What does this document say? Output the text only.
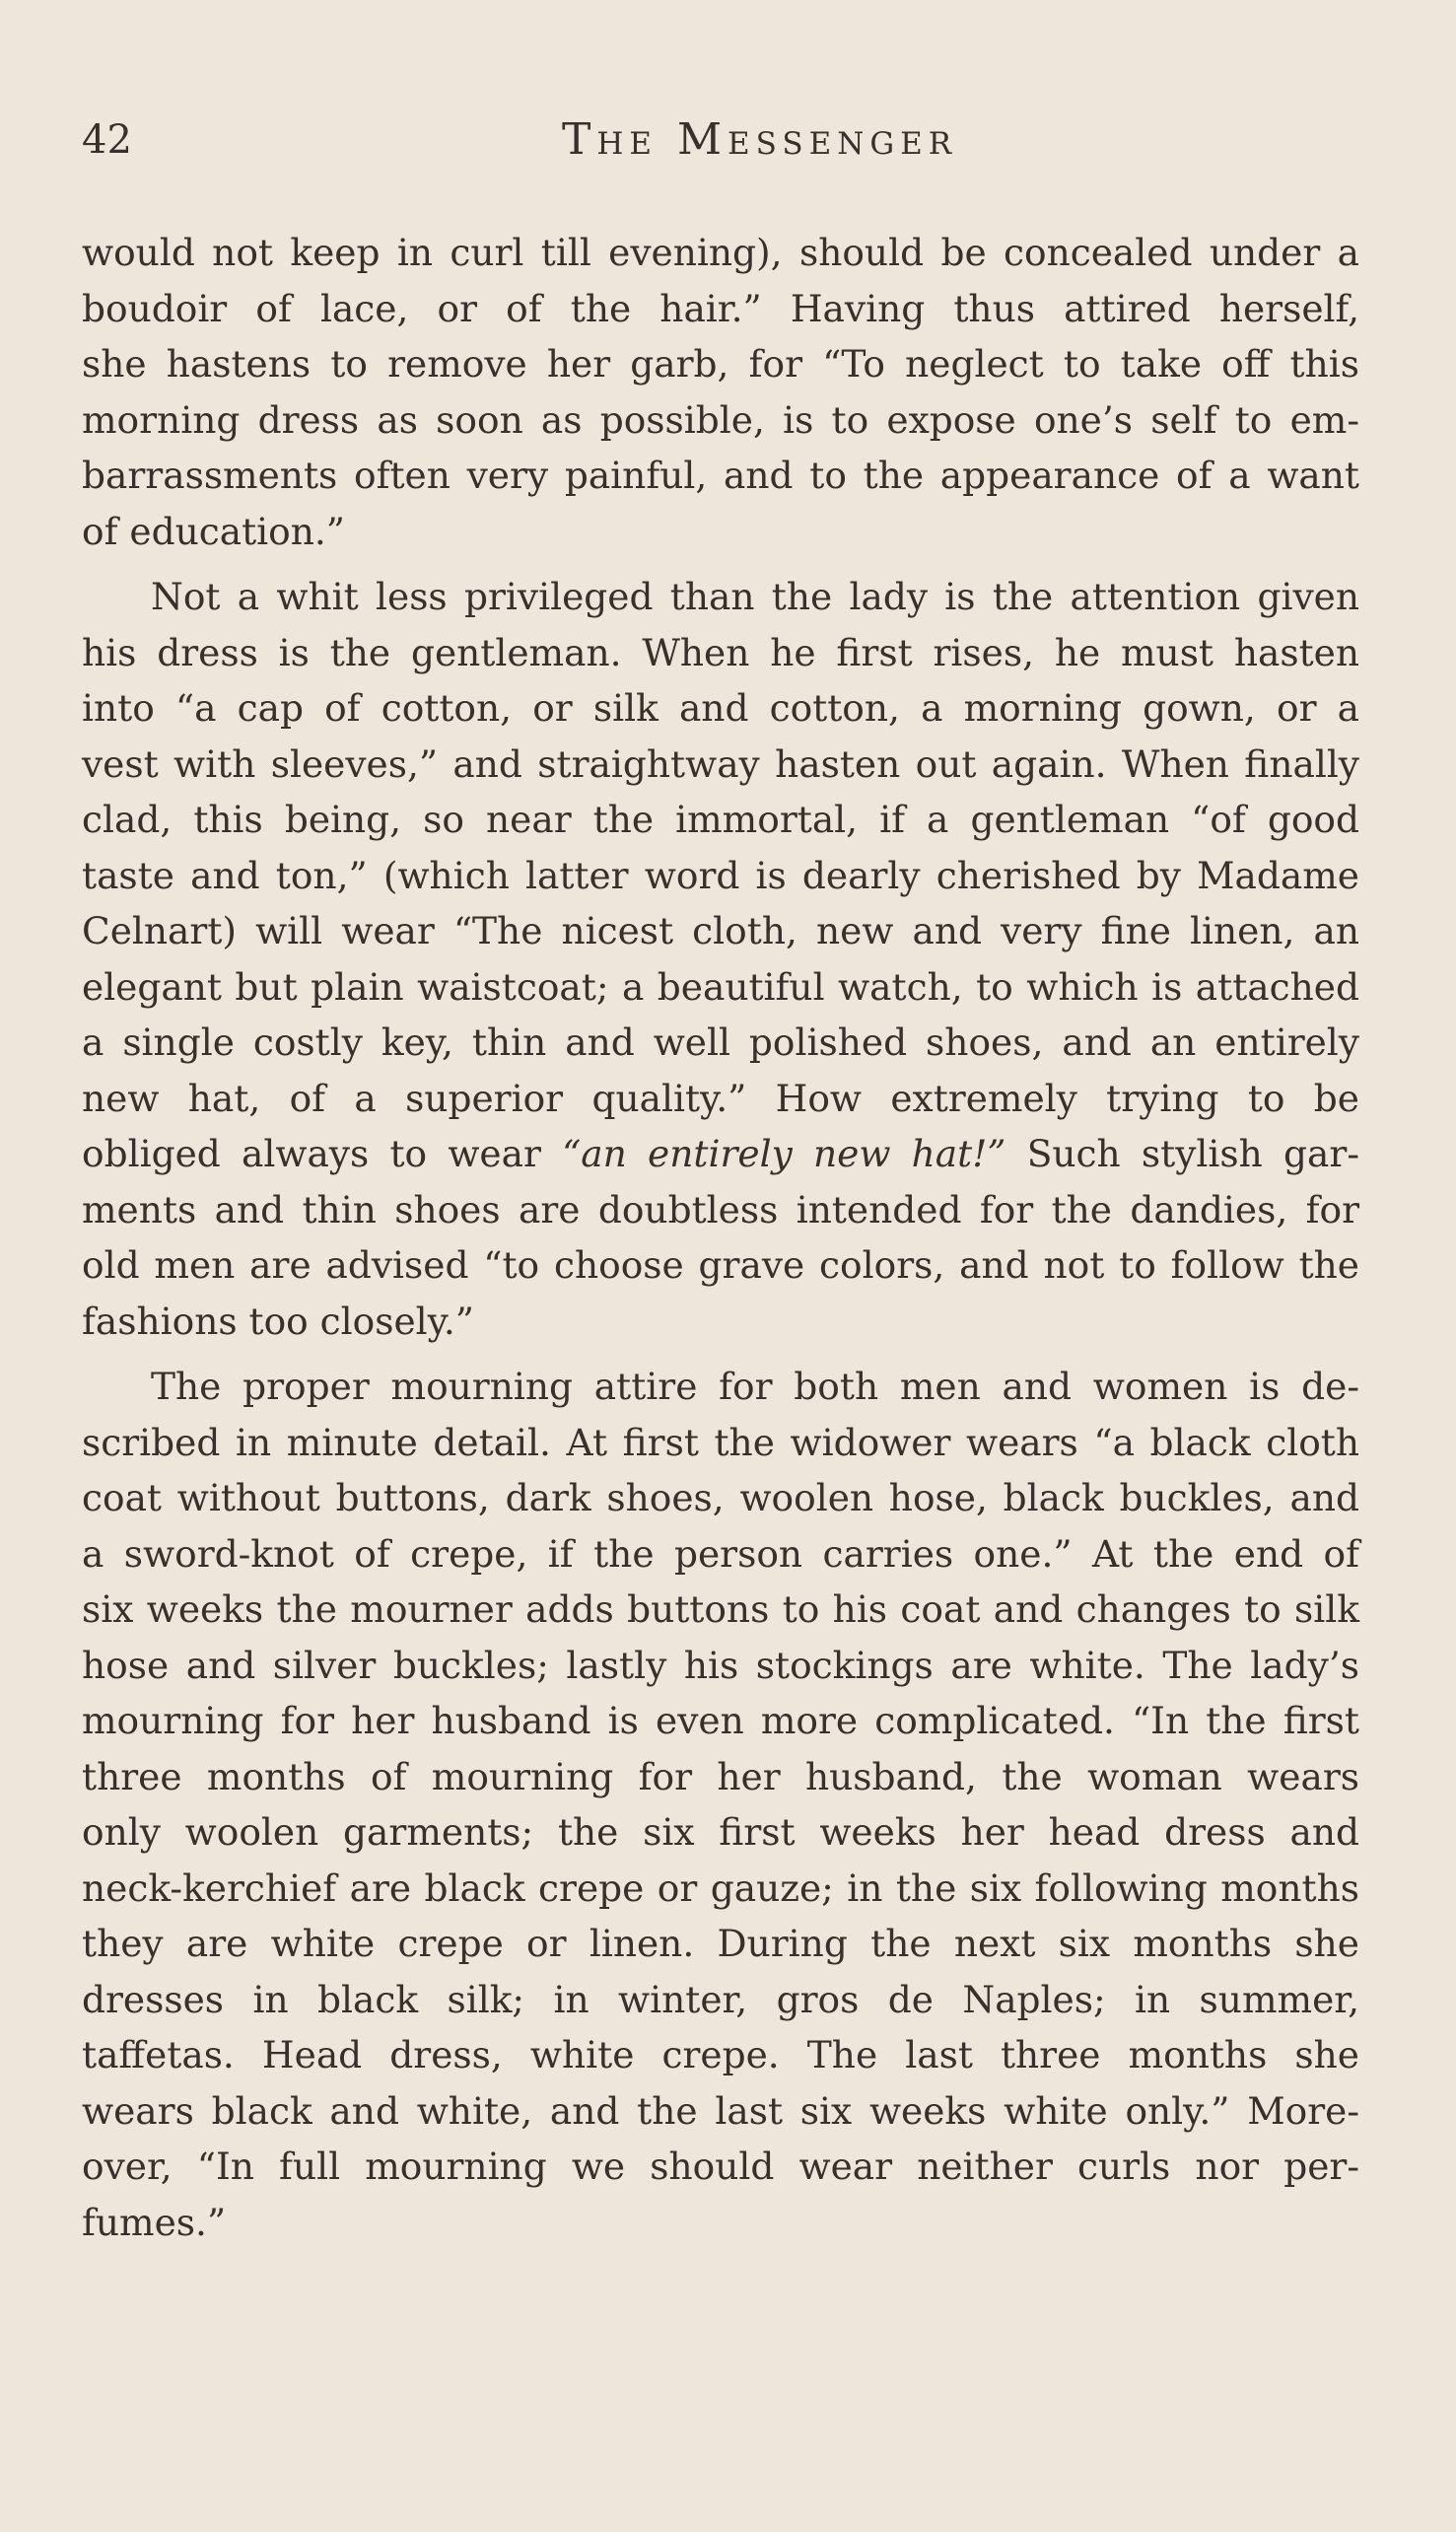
42	The Messenger
would not keep in curl till evening), should be concealed under a
boudoir of lace, or of the hair.” Having thus attired herself,
she hastens to remove her garb, for “To neglect to take off this
morning dress as soon as possible, is to expose one’s self to em-
barrassments often very painful, and to the appearance of a want
of education.”
Not a whit less privileged than the lady is the attention given
his dress is the gentleman. When he first rises, he must hasten
into “a cap of cotton, or silk and cotton, a morning gown, or a
vest with sleeves,” and straightway hasten out again. When finally
clad, this being, so near the immortal, if a gentleman “of good
taste and ton,” (which latter word is dearly cherished by Madame
Celnart) will wear “The nicest cloth, new and very fine linen, an
elegant but plain waistcoat; a beautiful watch, to which is attached
a single costly key, thin and well polished shoes, and an entirely
new hat, of a superior quality.” How extremely trying to be
obliged always to wear “an entirely new hat!” Such stylish gar-
ments and thin shoes are doubtless intended for the dandies, for
old men are advised “to choose grave colors, and not to follow the
fashions too closely.”
The proper mourning attire for both men and women is de-
scribed in minute detail. At first the widower wears “a black cloth
coat without buttons, dark shoes, woolen hose, black buckles, and
a sword-knot of crepe, if the person carries one.” At the end of
six weeks the mourner adds buttons to his coat and changes to silk
hose and silver buckles; lastly his stockings are white. The lady’s
mourning for her husband is even more complicated. “In the first
three months of mourning for her husband, the woman wears
only woolen garments; the six first weeks her head dress and
neck-kerchief are black crepe or gauze; in the six following months
they are white crepe or linen. During the next six months she
dresses in black silk; in winter, gros de Naples; in summer,
taffetas. Head dress, white crepe. The last three months she
wears black and white, and the last six weeks white only.” More-
over, “In full mourning we should wear neither curls nor per-
fumes.”
